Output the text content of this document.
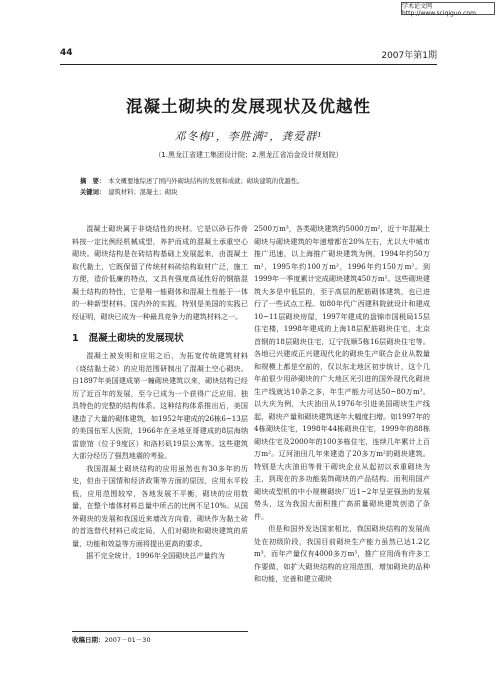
学术论文网 http://www.sciqiguo.com
44	2007年第1期
混凝土砌块的发展现状及优越性
邓冬梅¹，李胜满²，龚爱群¹
（1.黑龙江省建工集团设计院；2.黑龙江省冶金设计规划院）
摘　要： 本文概要地综述了国内外砌块结构的发展和成就；砌块建筑的优越性。
关键词： 建筑材料；混凝土；砌块

混凝土砌块属于非烧结性的块材。它是以砂石作骨料按一定比例经机械成型，养护而成的混凝土承重空心砌块。砌块结构是在砖结构基础上发展起来，由混凝土取代黏土，它既保留了传统材料砖结构取材广泛，施工方便，造价低廉的特点，又具有强度高延性好的钢筋混凝土结构的特性，它是唯一能砌体和混凝土性能于一体的一种新型材料。国内外的实践，特别是美国的实践已经证明，砌块已成为一种最具竞争力的建筑材料之一。

1 混凝土砌块的发展现状

混凝土被发明和应用之后，为拓宽传统建筑材料（烧结黏土砖）的应用范围研制出了混凝土空心砌块。自1897年美国建成第一幢砌块建筑以来，砌块结构已经历了近百年的发展，至今已成为一个获得广泛应用、独具特色的完整的结构体系。这种结构体系推出后，美国建造了大量的砌体建筑，如1952年建成的26栋6~13层的美国伍军人医院，1966年在圣地亚哥建成的8层海纳雷旅馆（位于9度区）和洛杉矶19层公寓等。这些建筑大部分经历了强烈地震的考验。

我国混凝土砌块结构的应用虽然也有30多年的历史，但由于国情和经济政策等方面的原因，应用水平较低，应用范围较窄，各地发展不平衡，砌块的应用数量，在整个墙体材料总量中所占的比例不足10%。从国外砌块的发展和我国近来墙改方向看，砌块作为黏土砖的首选替代材料已成定局，人们对砌块和砌块建筑的质量，功能和效益等方面将提出更高的要求。

据不完全统计，1996年全国砌块总产量约为

2500万m³，各类砌块建筑约5000万m²，近十年混凝土砌块与砌块建筑的年递增都在20%左右，尤以大中城市推广迅速，以上海推广砌块建筑为例，1994年约50万m²，1995年约100万m²，1996年约150万m²。到1999年一季度累计完成砌块建筑450万m²。这些砌块建筑大多是中低层的，至于高层的配筋砌体建筑，也已进行了一些试点工程。如80年代广西建科院就设计和建成10~11层砌块房屋，1997年建成的盘锦市国税局15层住宅楼，1998年建成的上海18层配筋砌块住宅，北京首钢的18层砌块住宅，辽宁抚顺5栋16层砌块住宅等。各地已兴建或正兴建现代化的砌块生产联合企业从数量和规模上都是空前的，仅以东北地区初步统计，这个几年前很少用砂砌块的广大地区光引进的国外现代化砌块生产线就达10条之多，年生产能力可达50~80万m³。以大庆为例，大庆油田从1976年引进美国砌块生产线起，砌块产量和砌块建筑逐年大幅度扫增。如1997年的4栋砌块住宅，1998年44栋砌块住宅，1999年的88栋砌块住宅及2000年的100多栋住宅，连续几年累计上百万m²。辽河油田几年来建造了20多万m²的砌块建筑。特别是大庆油田等骨干砌块企业从起初以承重砌块为主，到现在的多功能装饰砌块的产品结构。而利用国产砌块成型机的中小规模砌块厂近1~2年呈更强劲的发展势头，这为我国大面积推广高质量砌块建筑创造了条件。

但是和国外发达国家相比，我国砌块结构的发展尚处在初级阶段，我国目前砌块生产能力虽然已达1.2亿m³，而年产量仅有4000多万m³，推广应用尚有许多工作要做，如扩大砌块结构的应用范围，增加砌块的品种和功能，完善和建立砌块

收稿日期：2007－01－30
